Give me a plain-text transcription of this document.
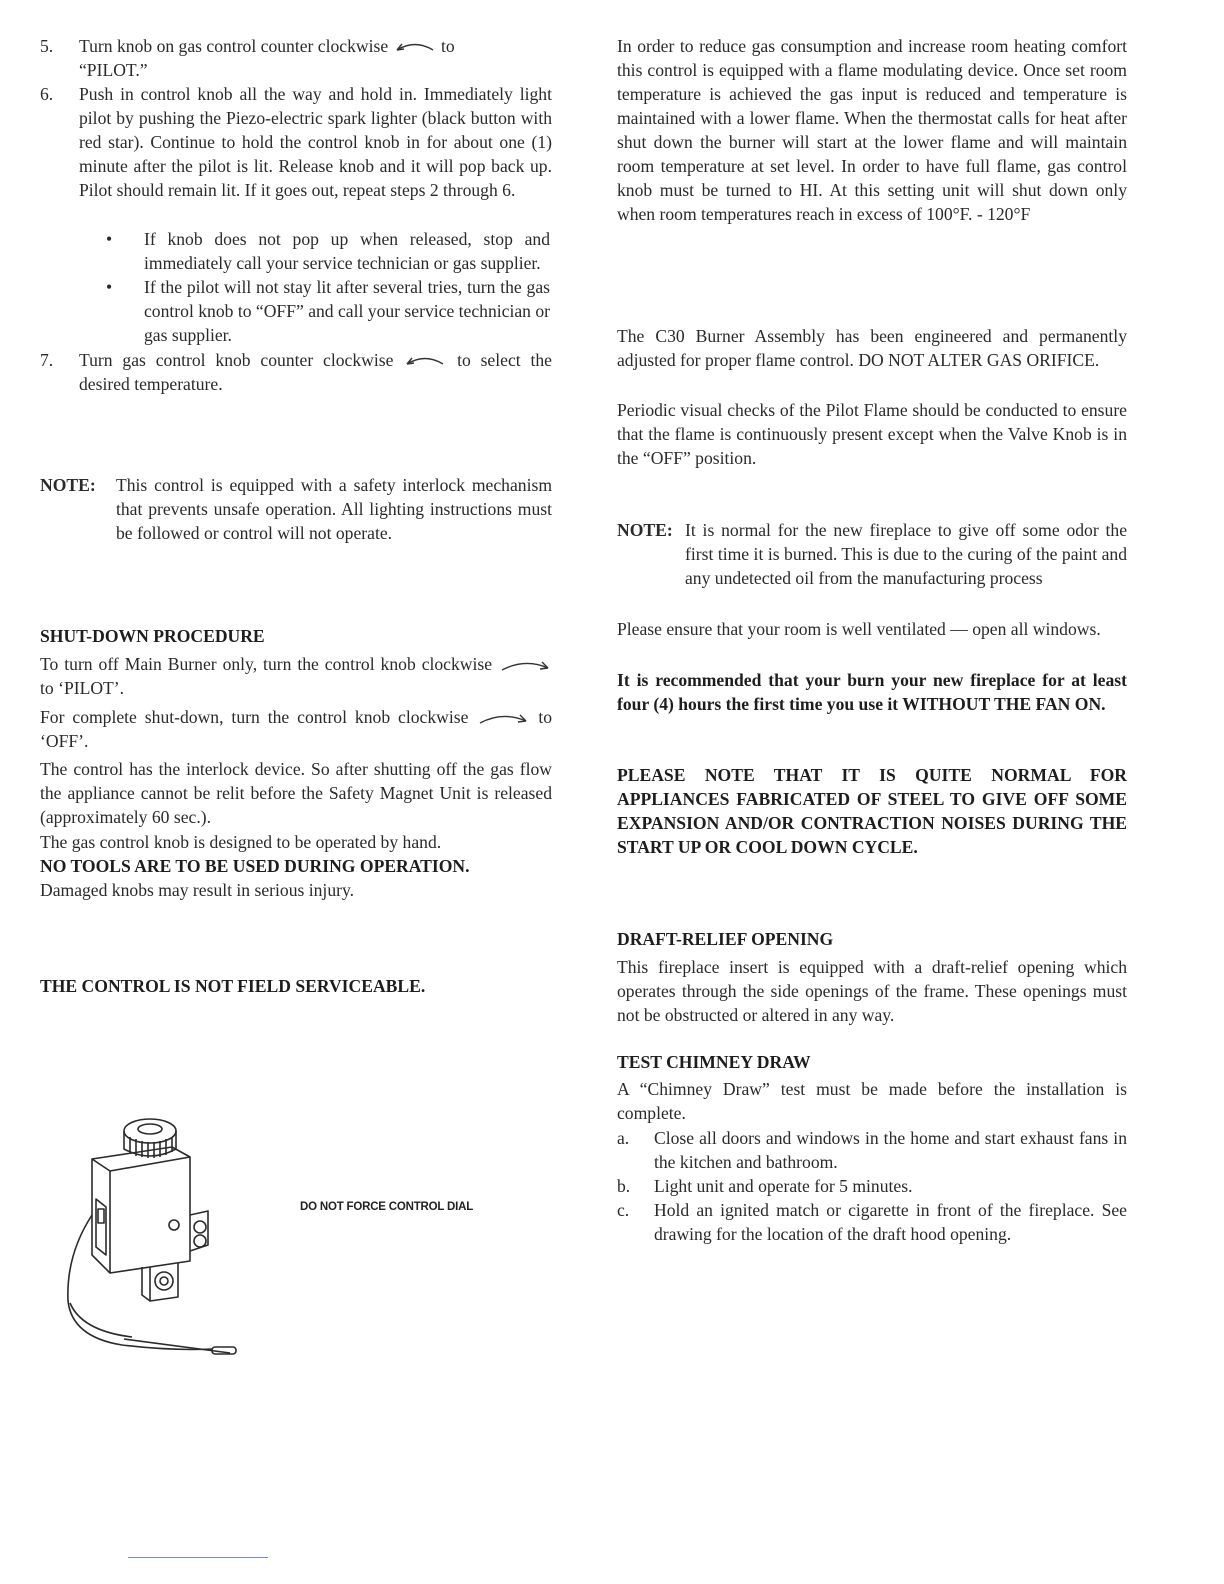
5. Turn knob on gas control counter clockwise	to
“PILOT.”
6. Push in control knob all the way and hold in. Immediately light pilot by pushing the Piezo-electric spark lighter (black button with red star). Continue to hold the control knob in for about one (1) minute after the pilot is lit. Release knob and it will pop back up. Pilot should remain lit. If it goes out, repeat steps 2 through 6.
• If knob does not pop up when released, stop and immediately call your service technician or gas supplier.
• If the pilot will not stay lit after several tries, turn the gas control knob to “OFF” and call your service technician or gas supplier.
7. Turn gas control knob counter clockwise	to select the desired temperature.
NOTE: This control is equipped with a safety interlock mechanism that prevents unsafe operation. All lighting instructions must be followed or control will not operate.
SHUT-DOWN PROCEDURE
To turn off Main Burner only, turn the control knob clockwise  to ‘PILOT’.
For complete shut-down, turn the control knob clockwise	to ‘OFF’.
The control has the interlock device. So after shutting off the gas flow the appliance cannot be relit before the Safety Magnet Unit is released (approximately 60 sec.).
The gas control knob is designed to be operated by hand.
NO TOOLS ARE TO BE USED DURING OPERATION.
Damaged knobs may result in serious injury.
THE CONTROL IS NOT FIELD SERVICEABLE.
DO NOT FORCE CONTROL DIAL
In order to reduce gas consumption and increase room heating comfort this control is equipped with a flame modulating device. Once set room temperature is achieved the gas input is reduced and temperature is maintained with a lower flame. When the thermostat calls for heat after shut down the burner will start at the lower flame and will maintain room temperature at set level. In order to have full flame, gas control knob must be turned to HI. At this setting unit will shut down only when room temperatures reach in excess of 100°F. - 120°F
The C30 Burner Assembly has been engineered and permanently adjusted for proper flame control. DO NOT ALTER GAS ORIFICE.
Periodic visual checks of the Pilot Flame should be conducted to ensure that the flame is continuously present except when the Valve Knob is in the “OFF” position.
NOTE: It is normal for the new fireplace to give off some odor the first time it is burned. This is due to the curing of the paint and any undetected oil from the manufacturing process
Please ensure that your room is well ventilated — open all windows.
It is recommended that your burn your new fireplace for at least four (4) hours the first time you use it WITHOUT THE FAN ON.
PLEASE NOTE THAT IT IS QUITE NORMAL FOR APPLIANCES FABRICATED OF STEEL TO GIVE OFF SOME EXPANSION AND/OR CONTRACTION NOISES DURING THE START UP OR COOL DOWN CYCLE.
DRAFT-RELIEF OPENING
This fireplace insert is equipped with a draft-relief opening which operates through the side openings of the frame. These openings must not be obstructed or altered in any way.
TEST CHIMNEY DRAW
A “Chimney Draw” test must be made before the installation is complete.
a. Close all doors and windows in the home and start exhaust fans in the kitchen and bathroom.
b. Light unit and operate for 5 minutes.
c. Hold an ignited match or cigarette in front of the fireplace. See drawing for the location of the draft hood opening.
